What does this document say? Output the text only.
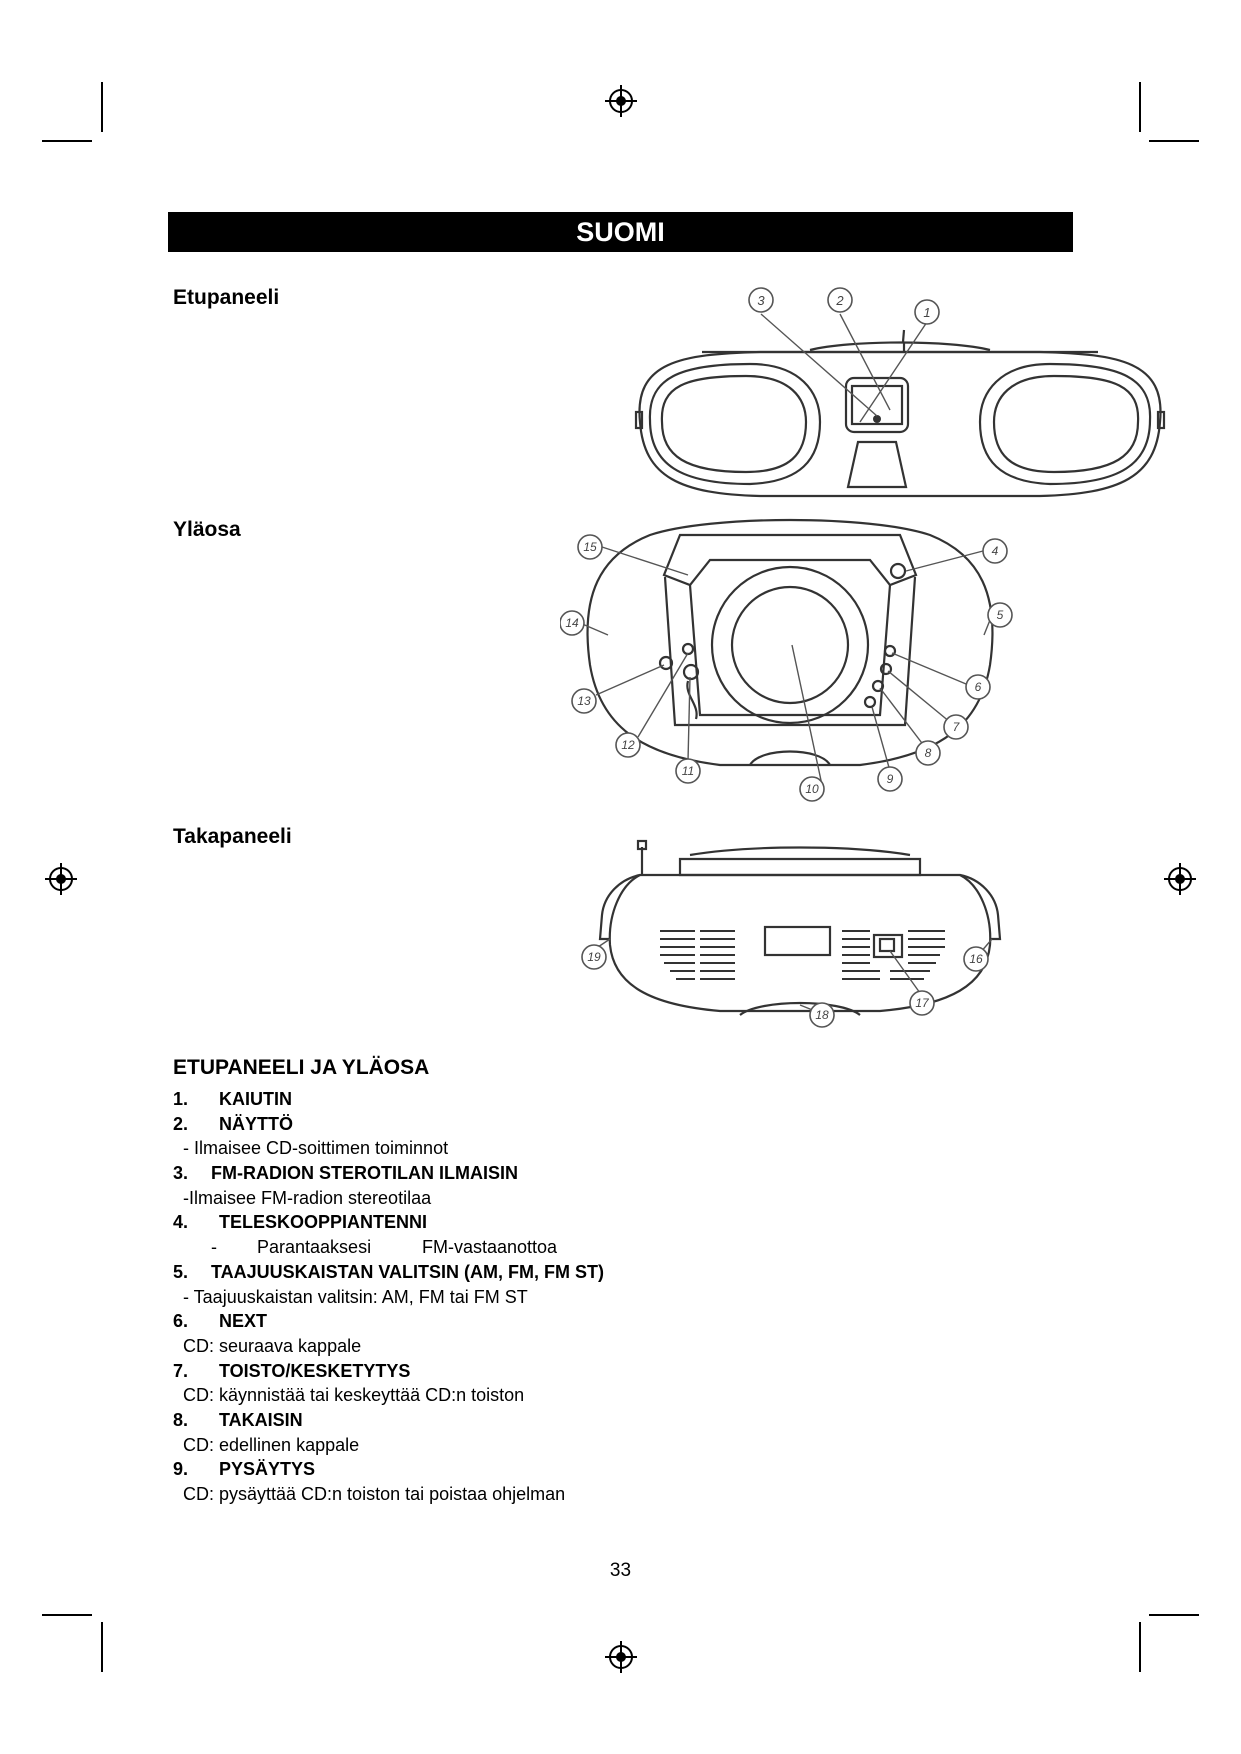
SUOMI
Etupaneeli
Yläosa
Takapaneeli
3	2
1
15	4
14
5
6
13
7
12
8
11
9
10
19	16
17
18
ETUPANEELI JA YLÄOSA
1. KAIUTIN
2. NÄYTTÖ
- Ilmaisee CD-soittimen toiminnot
3. FM-RADION STEROTILAN ILMAISIN
-Ilmaisee FM-radion stereotilaa
4. TELESKOOPPIANTENNI
- Parantaaksesi	FM-vastaanottoa
5. TAAJUUSKAISTAN VALITSIN (AM, FM, FM ST)
- Taajuuskaistan valitsin: AM, FM tai FM ST
6. NEXT
CD: seuraava kappale
7. TOISTO/KESKETYTYS
CD: käynnistää tai keskeyttää CD:n toiston
8. TAKAISIN
CD: edellinen kappale
9. PYSÄYTYS
CD: pysäyttää CD:n toiston tai poistaa ohjelman
33
